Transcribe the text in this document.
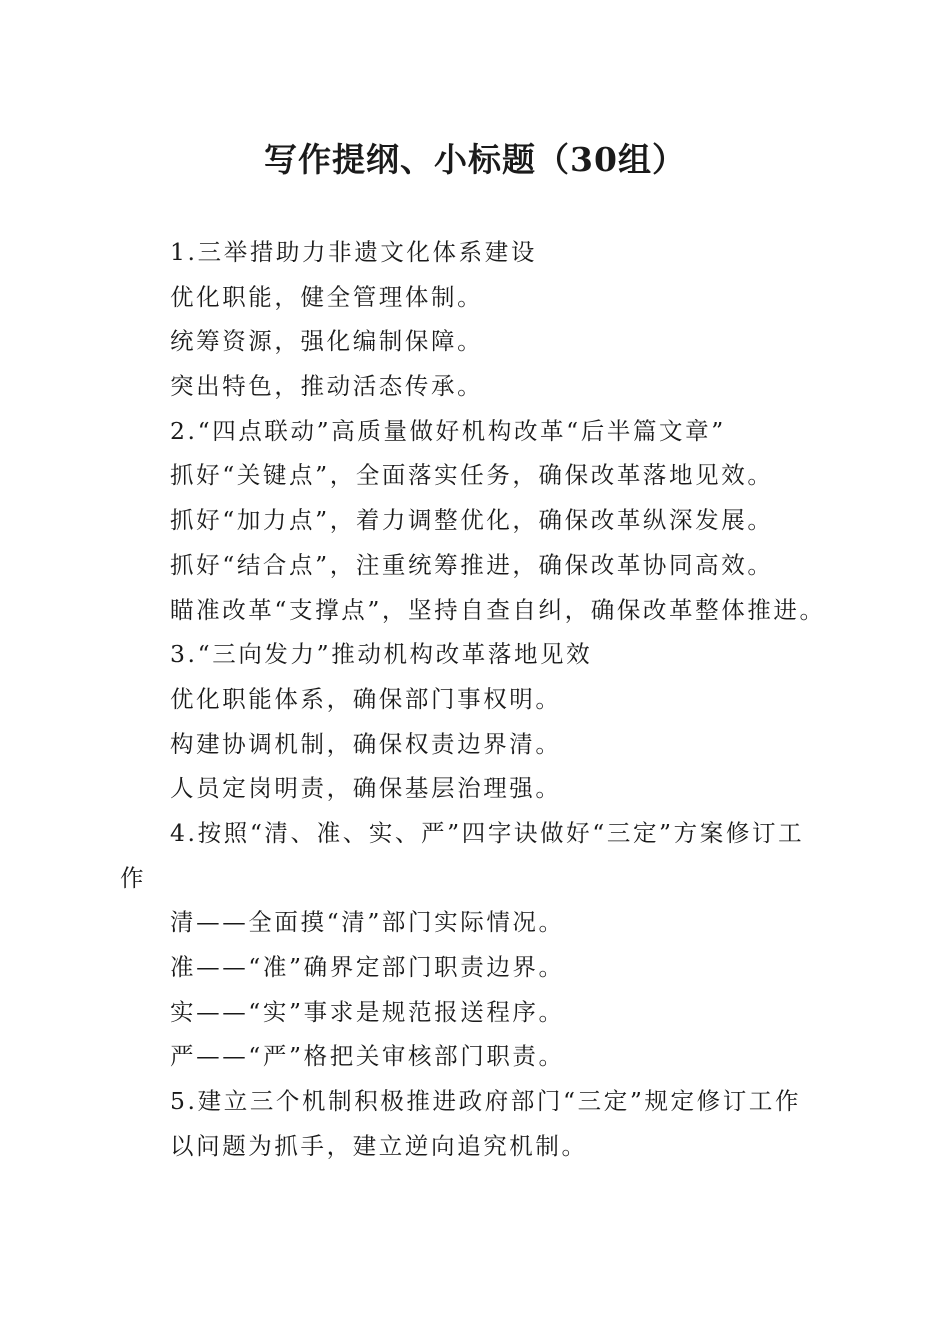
写作提纲、小标题（30组）
1.三举措助力非遗文化体系建设
优化职能，健全管理体制。
统筹资源，强化编制保障。
突出特色，推动活态传承。
2.“四点联动”高质量做好机构改革“后半篇文章”
抓好“关键点”，全面落实任务，确保改革落地见效。
抓好“加力点”，着力调整优化，确保改革纵深发展。
抓好“结合点”，注重统筹推进，确保改革协同高效。
瞄准改革“支撑点”，坚持自查自纠，确保改革整体推进。
3.“三向发力”推动机构改革落地见效
优化职能体系，确保部门事权明。
构建协调机制，确保权责边界清。
人员定岗明责，确保基层治理强。
4.按照“清、准、实、严”四字诀做好“三定”方案修订工作
清——全面摸“清”部门实际情况。
准——“准”确界定部门职责边界。
实——“实”事求是规范报送程序。
严——“严”格把关审核部门职责。
5.建立三个机制积极推进政府部门“三定”规定修订工作
以问题为抓手，建立逆向追究机制。
